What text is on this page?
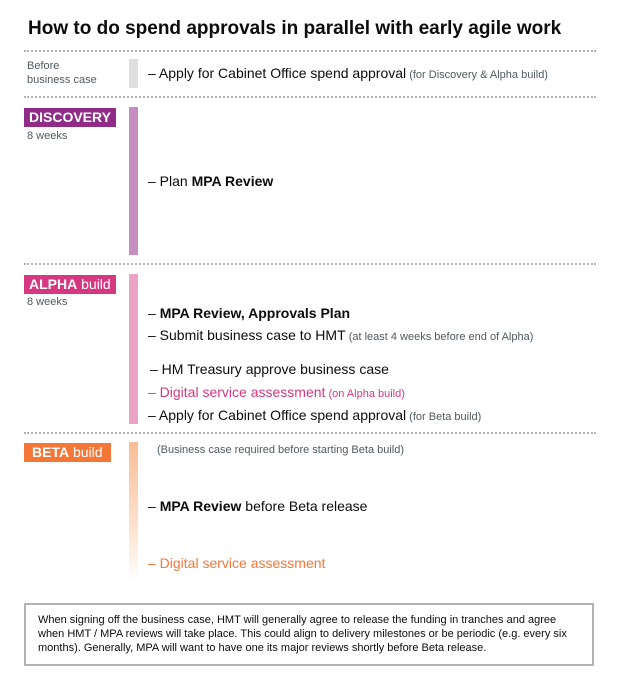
How to do spend approvals in parallel with early agile work
Before
business case	– Apply for Cabinet Office spend approval (for Discovery & Alpha build)
DISCOVERY
8 weeks
– Plan MPA Review
ALPHA build
8 weeks
– MPA Review, Approvals Plan
– Submit business case to HMT (at least 4 weeks before end of Alpha)
– HM Treasury approve business case
– Digital service assessment (on Alpha build)
– Apply for Cabinet Office spend approval (for Beta build)
BETA build	(Business case required before starting Beta build)
– MPA Review before Beta release
– Digital service assessment
When signing off the business case, HMT will generally agree to release the funding in tranches and agree when HMT / MPA reviews will take place. This could align to delivery milestones or be periodic (e.g. every six months). Generally, MPA will want to have one its major reviews shortly before Beta release.
